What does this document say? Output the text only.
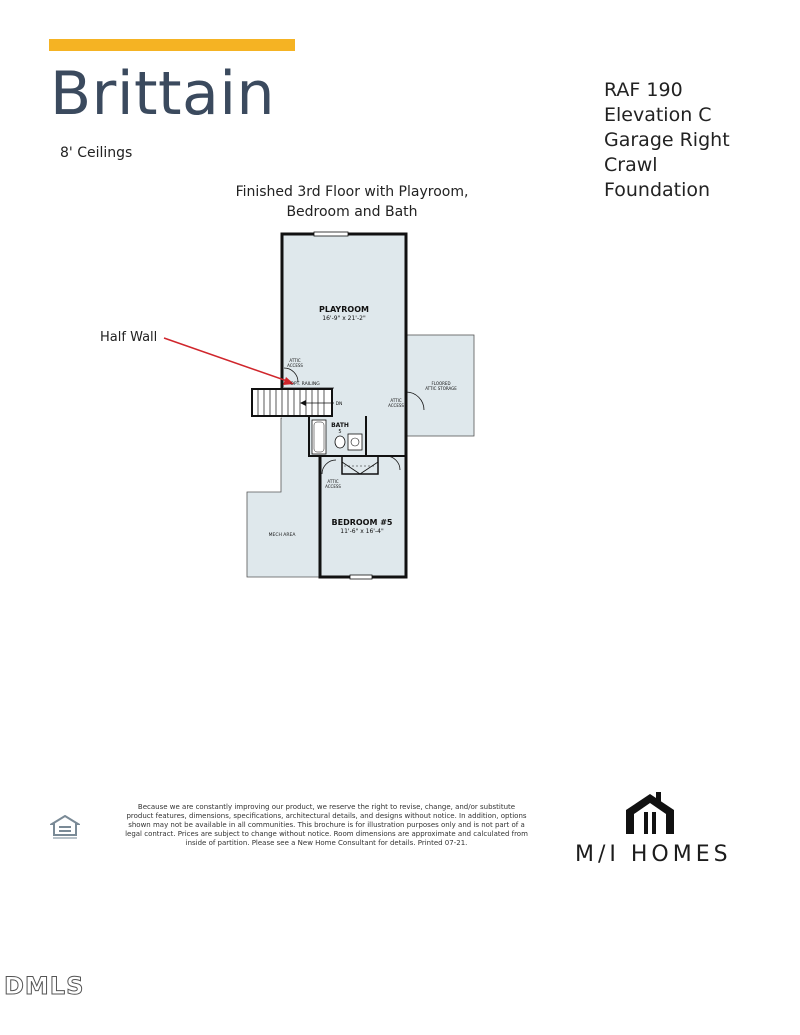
Brittain
8' Ceilings
RAF 190
Elevation C
Garage Right
Crawl
Foundation
Finished 3rd Floor with Playroom,
Bedroom and Bath
Half Wall
PLAYROOM
16'-9" x 21'-2"
BATH
5
BEDROOM #5
11'-6" x 16'-4"
MECH AREA
OPT. RAILING
DN
ATTIC
ACCESS
ATTIC
ACCESS
ATTIC
ACCESS
FLOORED
ATTIC STORAGE
Because we are constantly improving our product, we reserve the right to revise, change, and/or substitute product features, dimensions, specifications, architectural details, and designs without notice. In addition, options shown may not be available in all communities. This brochure is for illustration purposes only and is not part of a legal contract. Prices are subject to change without notice. Room dimensions are approximate and calculated from inside of partition. Please see a New Home Consultant for details. Printed 07-21.	M/I HOMES
DMLS
